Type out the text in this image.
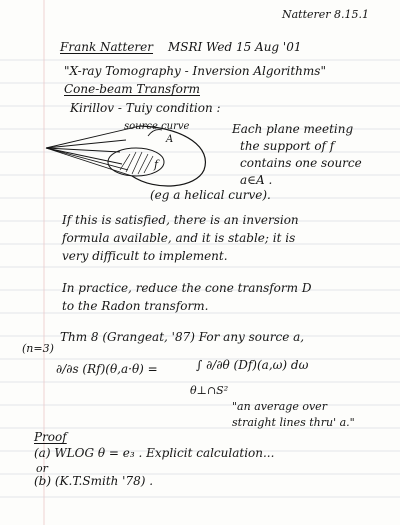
Natterer 8.15.1
Frank Natterer MSRI Wed 15 Aug '01
"X-ray Tomography - Inversion Algorithms"
Cone-beam Transform
Kirillov - Tuiy condition :
source curve
A
f
Each plane meeting
the support of f
contains one source
a∈A .
(eg a helical curve).
If this is satisfied, there is an inversion
formula available, and it is stable; it is
very difficult to implement.
In practice, reduce the cone transform D
to the Radon transform.
(n=3)
Thm 8 (Grangeat, '87) For any source a,
∂/∂s (Rf)(θ,a·θ) =	∫ ∂/∂θ (Df)(a,ω) dω
θ⊥∩S²
"an average over
straight lines thru' a."
Proof
(a) WLOG θ = e₃ . Explicit calculation...
or
(b) (K.T.Smith '78) .
